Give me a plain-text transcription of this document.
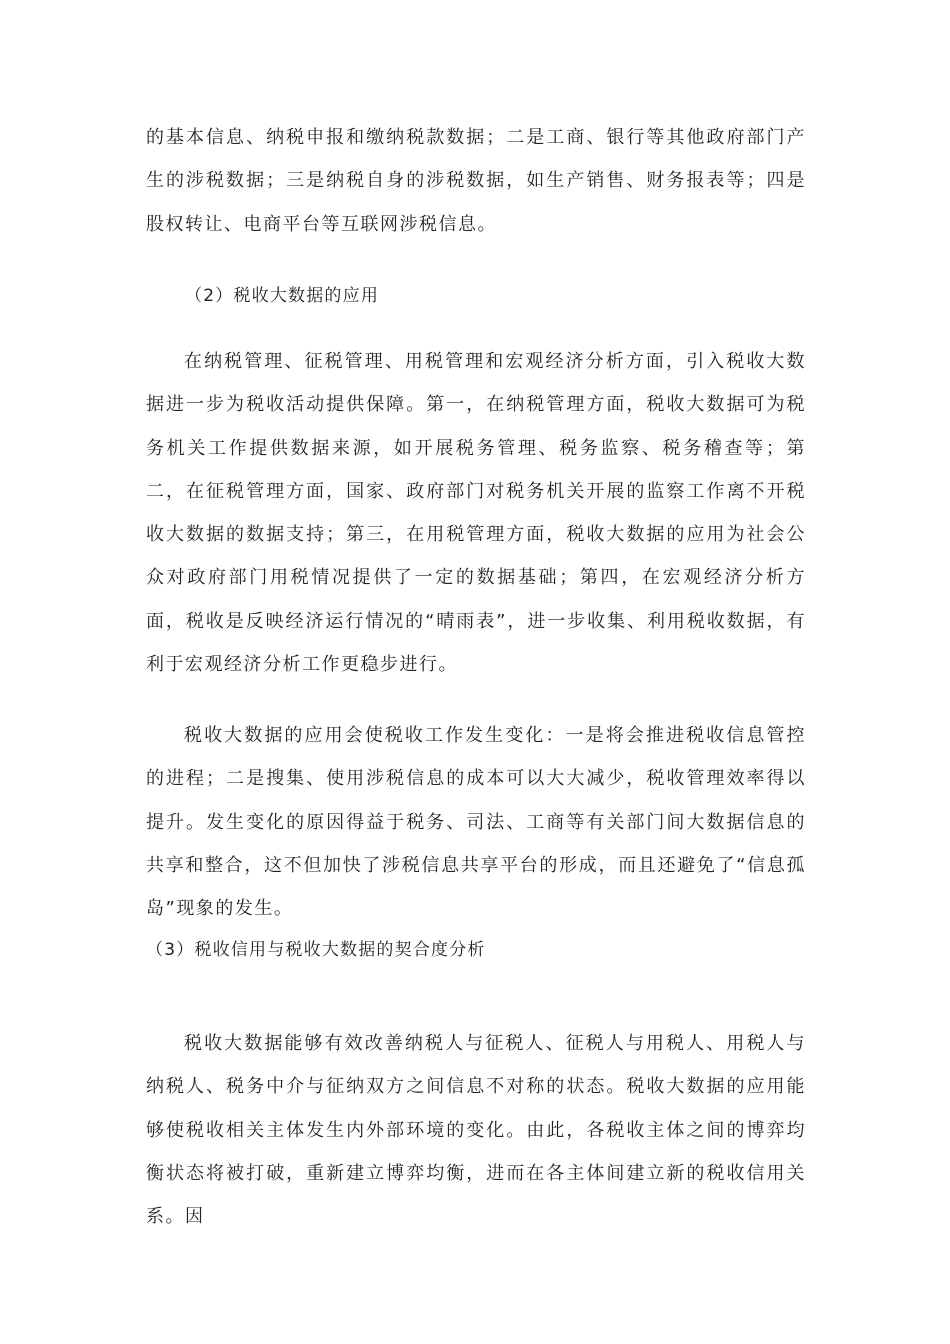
的基本信息、纳税申报和缴纳税款数据；二是工商、银行等其他政府部门产生的涉税数据；三是纳税自身的涉税数据，如生产销售、财务报表等；四是股权转让、电商平台等互联网涉税信息。

（2）税收大数据的应用

在纳税管理、征税管理、用税管理和宏观经济分析方面，引入税收大数据进一步为税收活动提供保障。第一，在纳税管理方面，税收大数据可为税务机关工作提供数据来源，如开展税务管理、税务监察、税务稽查等；第二，在征税管理方面，国家、政府部门对税务机关开展的监察工作离不开税收大数据的数据支持；第三，在用税管理方面，税收大数据的应用为社会公众对政府部门用税情况提供了一定的数据基础；第四，在宏观经济分析方面，税收是反映经济运行情况的“晴雨表”，进一步收集、利用税收数据，有利于宏观经济分析工作更稳步进行。

税收大数据的应用会使税收工作发生变化：一是将会推进税收信息管控的进程；二是搜集、使用涉税信息的成本可以大大减少，税收管理效率得以提升。发生变化的原因得益于税务、司法、工商等有关部门间大数据信息的共享和整合，这不但加快了涉税信息共享平台的形成，而且还避免了“信息孤岛”现象的发生。

（3）税收信用与税收大数据的契合度分析

税收大数据能够有效改善纳税人与征税人、征税人与用税人、用税人与纳税人、税务中介与征纳双方之间信息不对称的状态。税收大数据的应用能够使税收相关主体发生内外部环境的变化。由此，各税收主体之间的博弈均衡状态将被打破，重新建立博弈均衡，进而在各主体间建立新的税收信用关系。因
